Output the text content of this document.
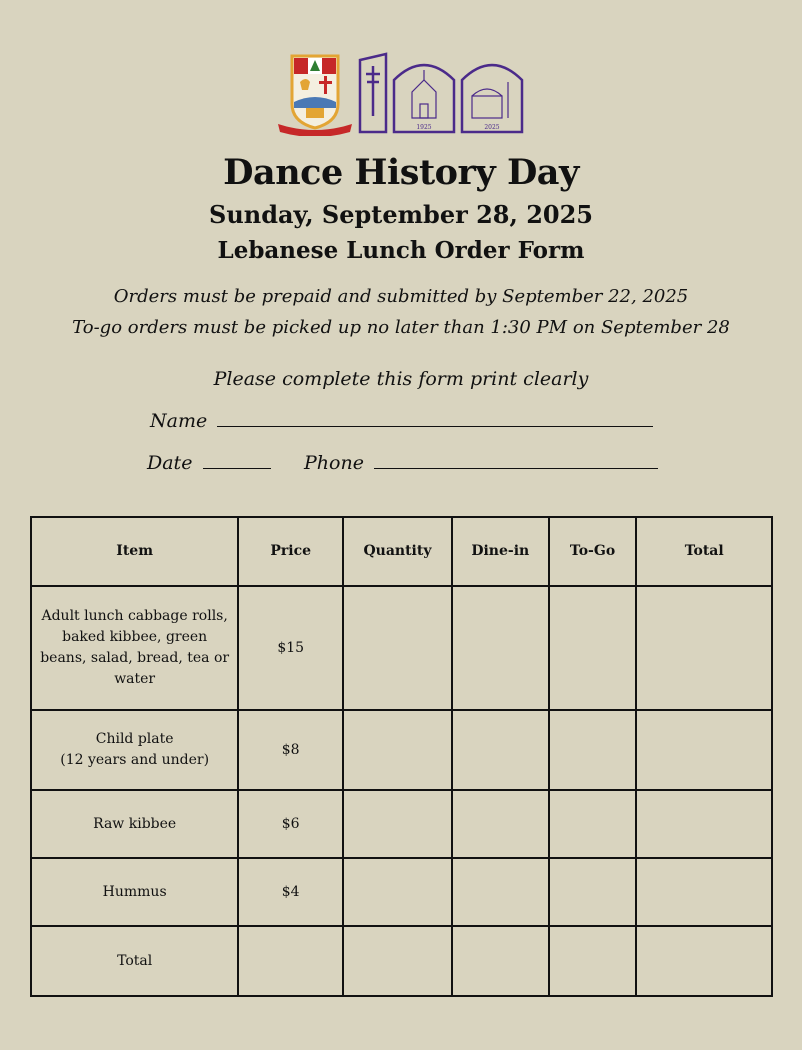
1925	2025
Dance History Day
Sunday, September 28, 2025
Lebanese Lunch Order Form
Orders must be prepaid and submitted by September 22, 2025
To-go orders must be picked up no later than 1:30 PM on September 28
Please complete this form print clearly
Name
Date	Phone
Item	Price	Quantity	Dine-in	To-Go	Total
Adult lunch cabbage rolls, baked kibbee, green beans, salad, bread, tea or water	$15				
Child plate
(12 years and under)	$8				
Raw kibbee	$6				
Hummus	$4				
Total					
